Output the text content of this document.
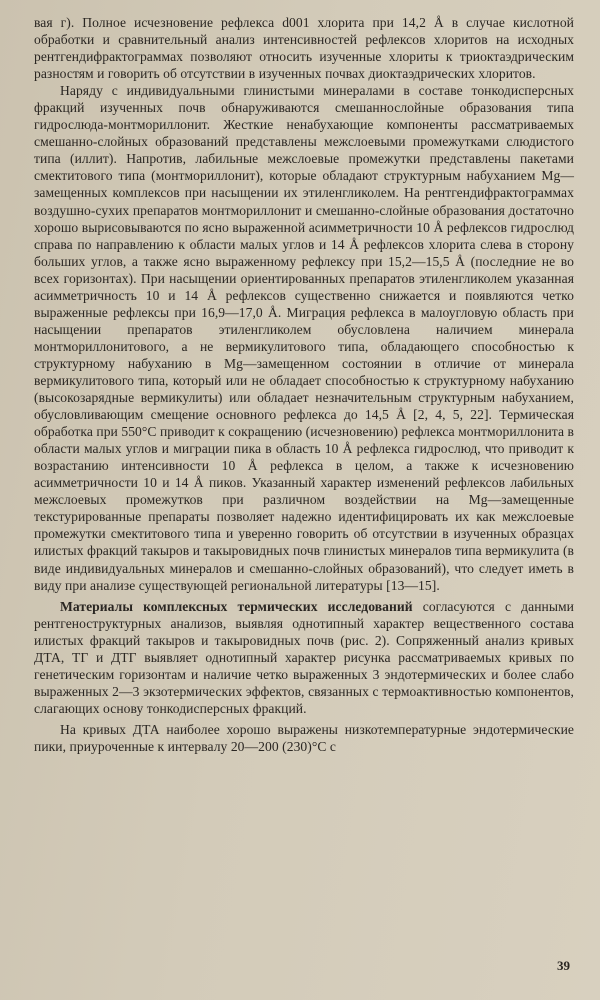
вая г). Полное исчезновение рефлекса d001 хлорита при 14,2 Å в случае кислотной обработки и сравнительный анализ интенсивностей рефлексов хлоритов на исходных рентгендифрактограммах позволяют относить изученные хлориты к триоктаэдрическим разностям и говорить об отсутствии в изученных почвах диоктаэдрических хлоритов.

Наряду с индивидуальными глинистыми минералами в составе тонкодисперсных фракций изученных почв обнаруживаются смешаннослойные образования типа гидрослюда-монтмориллонит. Жесткие ненабухающие компоненты рассматриваемых смешанно-слойных образований представлены межслоевыми промежутками слюдистого типа (иллит). Напротив, лабильные межслоевые промежутки представлены пакетами смектитового типа (монтмориллонит), которые обладают структурным набуханием Mg—замещенных комплексов при насыщении их этиленгликолем. На рентгендифрактограммах воздушно-сухих препаратов монтмориллонит и смешанно-слойные образования достаточно хорошо вырисовываются по ясно выраженной асимметричности 10 Å рефлексов гидрослюд справа по направлению к области малых углов и 14 Å рефлексов хлорита слева в сторону больших углов, а также ясно выраженному рефлексу при 15,2—15,5 Å (последние не во всех горизонтах). При насыщении ориентированных препаратов этиленгликолем указанная асимметричность 10 и 14 Å рефлексов существенно снижается и появляются четко выраженные рефлексы при 16,9—17,0 Å. Миграция рефлекса в малоугловую область при насыщении препаратов этиленгликолем обусловлена наличием минерала монтмориллонитового, а не вермикулитового типа, обладающего способностью к структурному набуханию в Mg—замещенном состоянии в отличие от минерала вермикулитового типа, который или не обладает способностью к структурному набуханию (высокозарядные вермикулиты) или обладает незначительным структурным набуханием, обусловливающим смещение основного рефлекса до 14,5 Å [2, 4, 5, 22]. Термическая обработка при 550°C приводит к сокращению (исчезновению) рефлекса монтмориллонита в области малых углов и миграции пика в область 10 Å рефлекса гидрослюд, что приводит к возрастанию интенсивности 10 Å рефлекса в целом, а также к исчезновению асимметричности 10 и 14 Å пиков. Указанный характер изменений рефлексов лабильных межслоевых промежутков при различном воздействии на Mg—замещенные текстурированные препараты позволяет надежно идентифицировать их как межслоевые промежутки смектитового типа и уверенно говорить об отсутствии в изученных образцах илистых фракций такыров и такыровидных почв глинистых минералов типа вермикулита (в виде индивидуальных минералов и смешанно-слойных образований), что следует иметь в виду при анализе существующей региональной литературы [13—15].

Материалы комплексных термических исследований согласуются с данными рентгеноструктурных анализов, выявляя однотипный характер вещественного состава илистых фракций такыров и такыровидных почв (рис. 2). Сопряженный анализ кривых ДТА, ТГ и ДТГ выявляет однотипный характер рисунка рассматриваемых кривых по генетическим горизонтам и наличие четко выраженных 3 эндотермических и более слабо выраженных 2—3 экзотермических эффектов, связанных с термоактивностью компонентов, слагающих основу тонкодисперсных фракций.

На кривых ДТА наиболее хорошо выражены низкотемпературные эндотермические пики, приуроченные к интервалу 20—200 (230)°C с

39
